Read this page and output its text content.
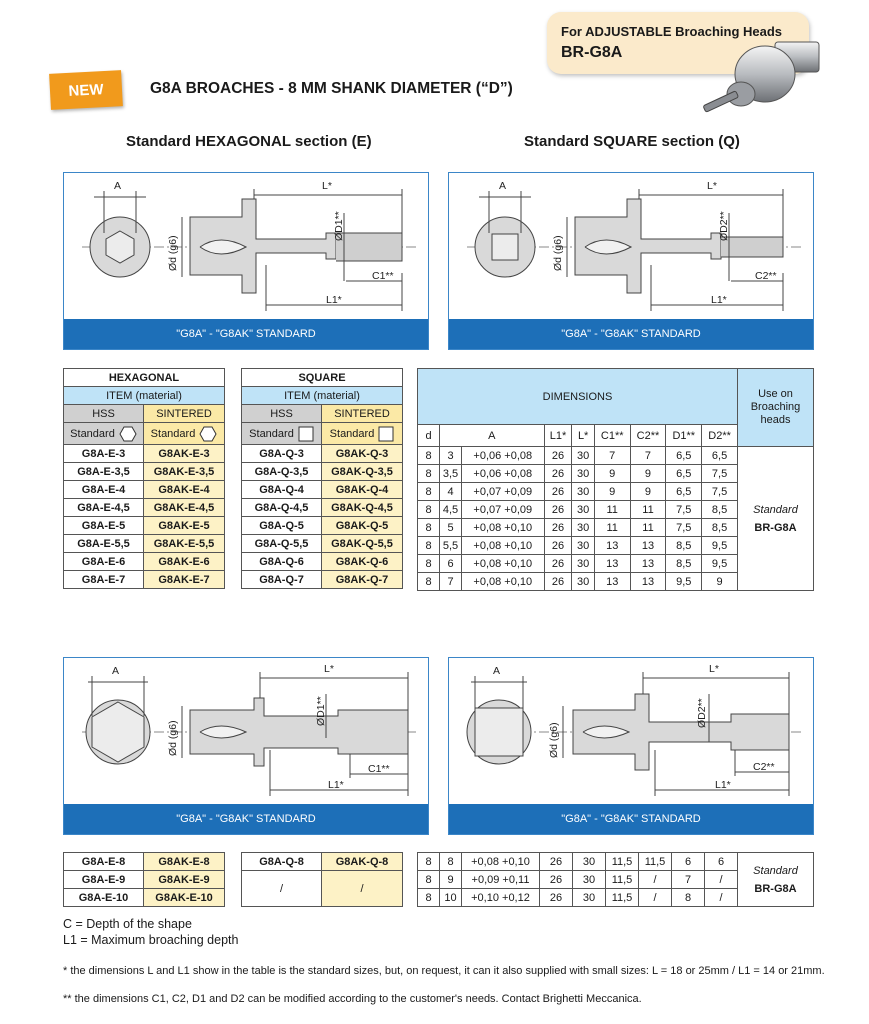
For ADJUSTABLE Broaching Heads
BR-G8A
NEW	G8A BROACHES - 8 MM SHANK DIAMETER (“D”)
Standard HEXAGONAL section (E)	Standard SQUARE section (Q)
A	L*
L1*
C1**
ØD1**
Ød (g6)
"G8A" - "G8AK" STANDARD
A	L*
L1*
C2**
ØD2**
Ød (g6)
"G8A" - "G8AK" STANDARD
HEXAGONAL	
ITEM (material)	
HSS	SINTERED
Standard	Standard
G8A-E-3	G8AK-E-3
G8A-E-3,5	G8AK-E-3,5
G8A-E-4	G8AK-E-4
G8A-E-4,5	G8AK-E-4,5
G8A-E-5	G8AK-E-5
G8A-E-5,5	G8AK-E-5,5
G8A-E-6	G8AK-E-6
G8A-E-7	G8AK-E-7
SQUARE	
ITEM (material)	
HSS	SINTERED
Standard	Standard
G8A-Q-3	G8AK-Q-3
G8A-Q-3,5	G8AK-Q-3,5
G8A-Q-4	G8AK-Q-4
G8A-Q-4,5	G8AK-Q-4,5
G8A-Q-5	G8AK-Q-5
G8A-Q-5,5	G8AK-Q-5,5
G8A-Q-6	G8AK-Q-6
G8A-Q-7	G8AK-Q-7
DIMENSIONS									Use on Broaching heads
d	A		L1*	L*	C1**	C2**	D1**	D2**	
8	3	+0,06 +0,08	26	30	7	7	6,5	6,5	Standard
BR-G8A
8	3,5	+0,06 +0,08	26	30	9	9	6,5	7,5	
8	4	+0,07 +0,09	26	30	9	9	6,5	7,5	
8	4,5	+0,07 +0,09	26	30	11	11	7,5	8,5	
8	5	+0,08 +0,10	26	30	11	11	7,5	8,5	
8	5,5	+0,08 +0,10	26	30	13	13	8,5	9,5	
8	6	+0,08 +0,10	26	30	13	13	8,5	9,5	
8	7	+0,08 +0,10	26	30	13	13	9,5	9	
A	L*
L1*
C1**
ØD1**
Ød (g6)
"G8A" - "G8AK" STANDARD
A	L*
L1*
C2**
ØD2**
Ød (g6)
"G8A" - "G8AK" STANDARD
G8A-E-8	G8AK-E-8
G8A-E-9	G8AK-E-9
G8A-E-10	G8AK-E-10
G8A-Q-8	G8AK-Q-8
/	/
8	8	+0,08 +0,10	26	30	11,5	11,5	6	6	Standard
BR-G8A
8	9	+0,09 +0,11	26	30	11,5	/	7	/	
8	10	+0,10 +0,12	26	30	11,5	/	8	/	
C = Depth of the shape
L1 = Maximum broaching depth
* the dimensions L and L1 show in the table is the standard sizes, but, on request, it can it also supplied with small sizes: L = 18 or 25mm / L1 = 14 or 21mm.
** the dimensions C1, C2, D1 and D2 can be modified according to the customer's needs. Contact Brighetti Meccanica.
